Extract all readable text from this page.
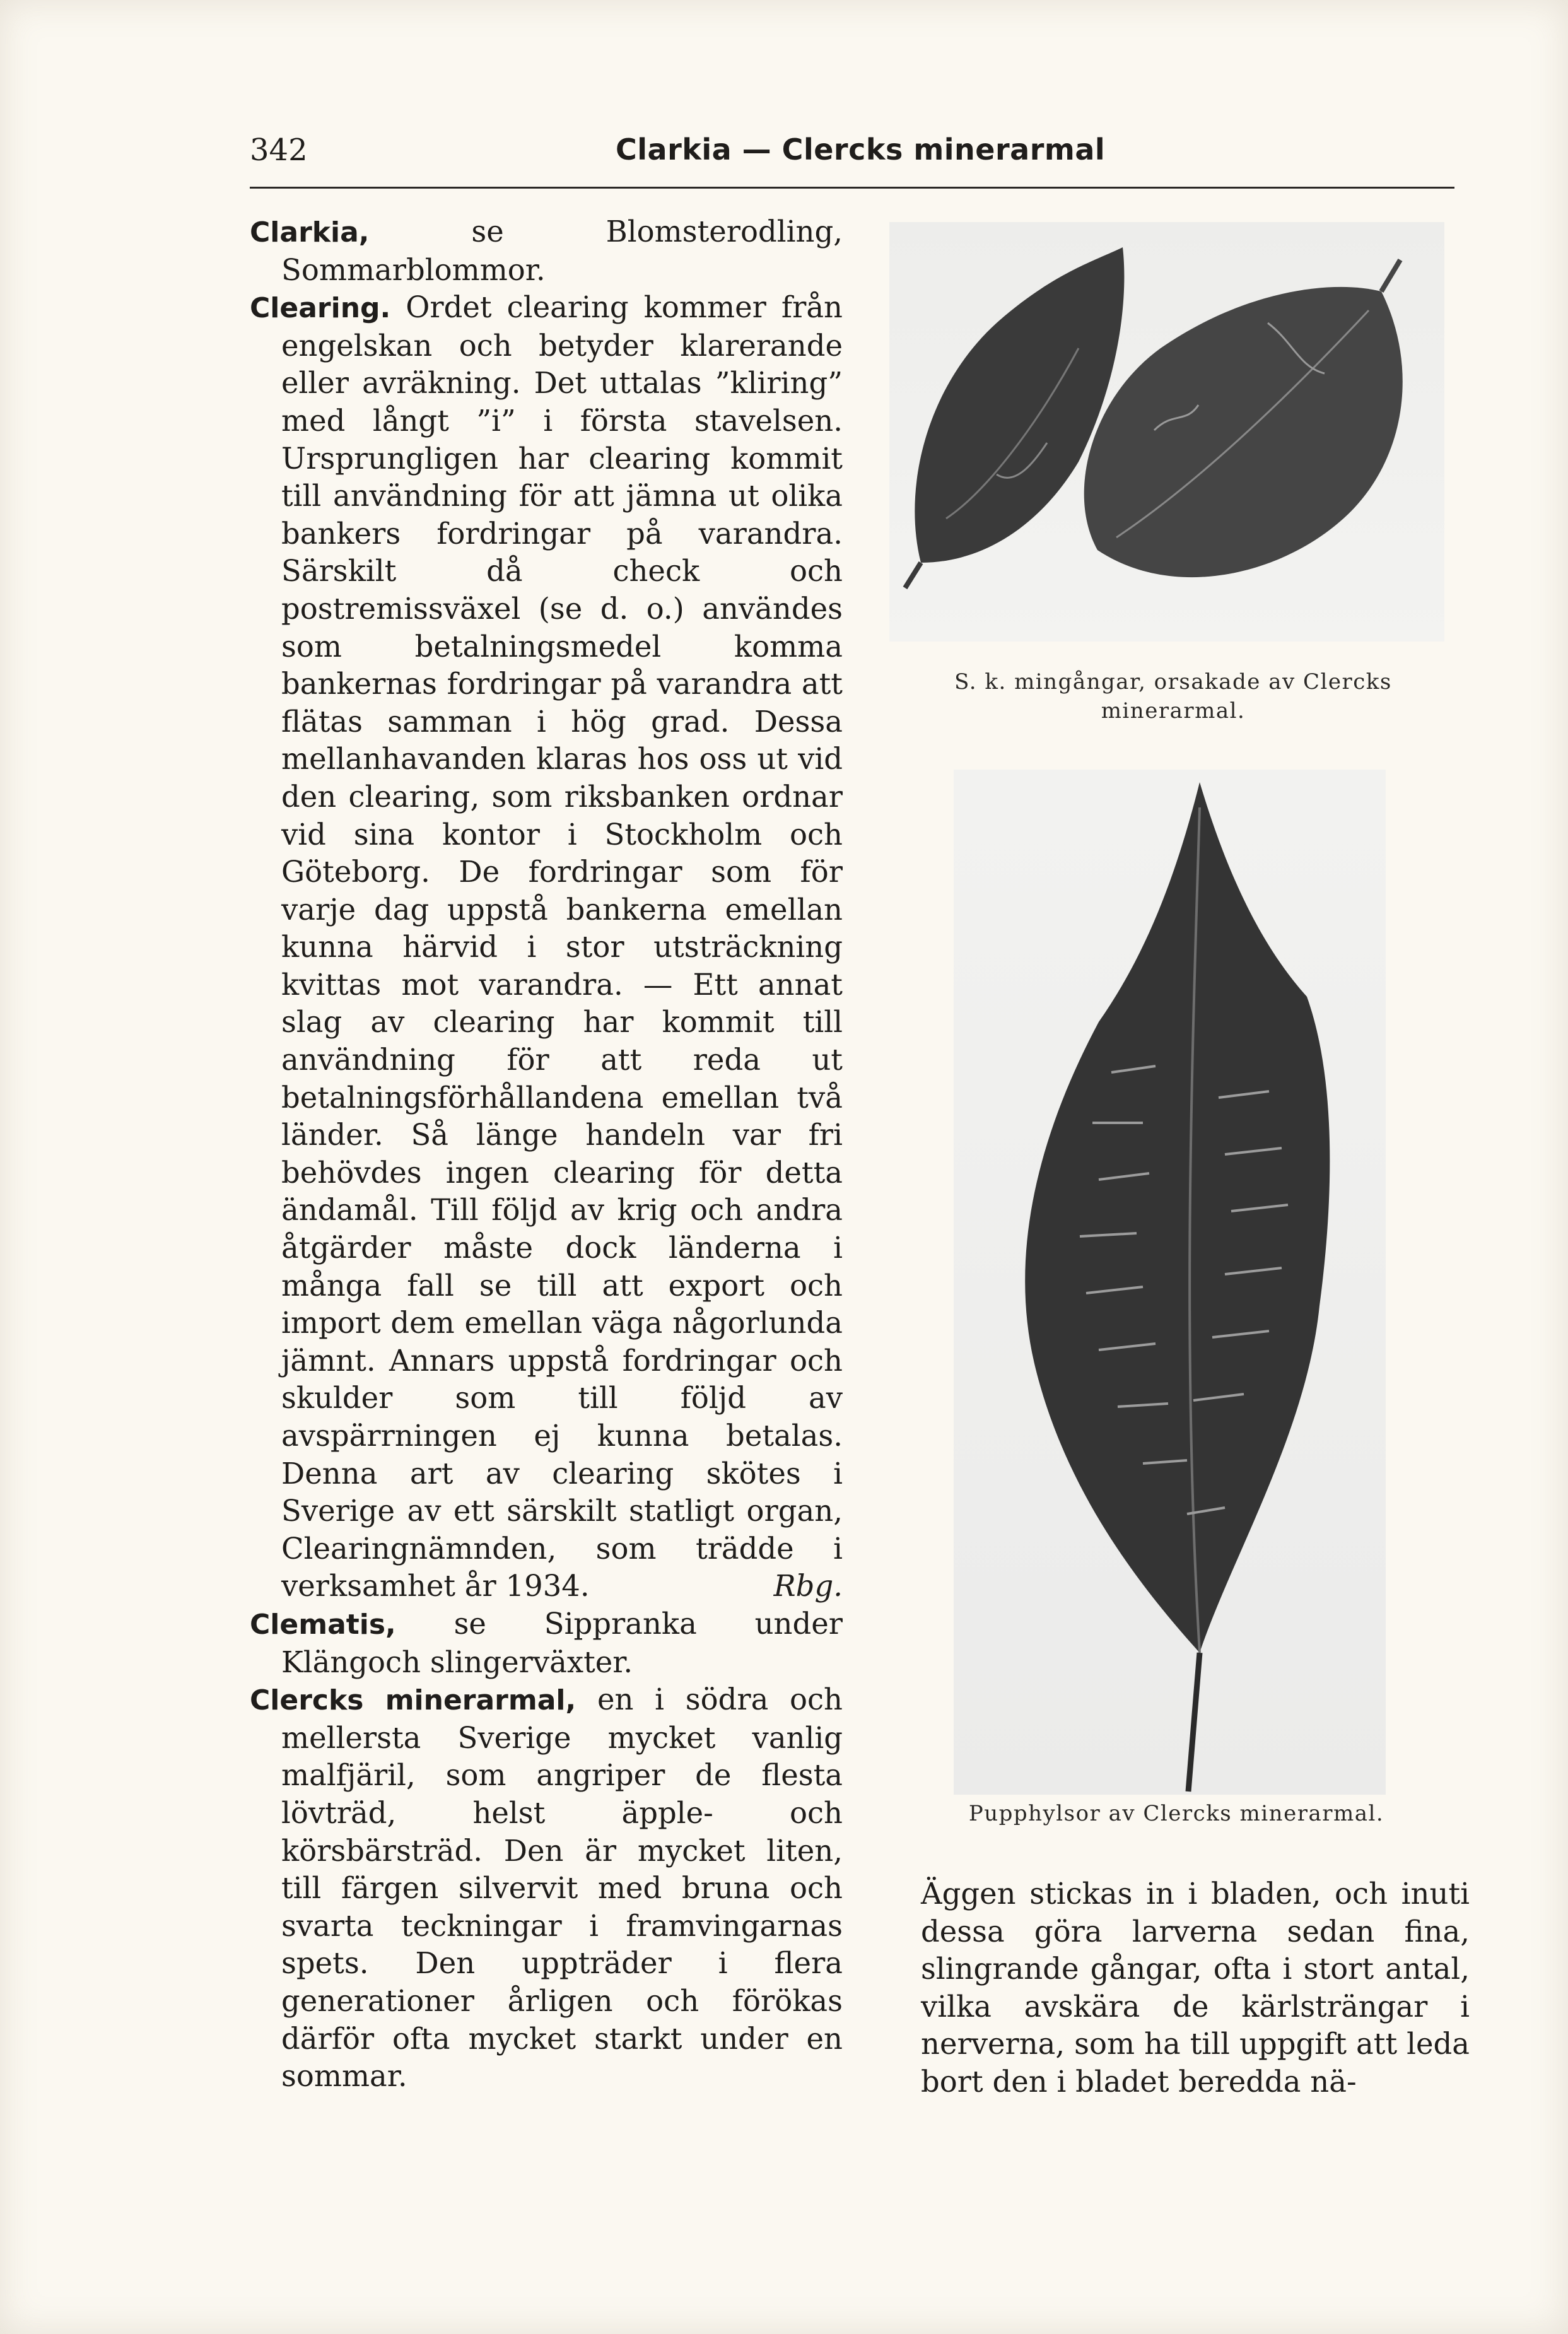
342	Clarkia — Clercks minerarmal

Clarkia, se Blomsterodling, Sommarblommor.

Clearing. Ordet clearing kommer från engelskan och betyder klarerande eller avräkning. Det uttalas ”kliring” med långt ”i” i första stavelsen. Ursprungligen har clearing kommit till användning för att jämna ut olika bankers fordringar på varandra. Särskilt då check och postremissväxel (se d. o.) användes som betalningsmedel komma bankernas fordringar på varandra att flätas samman i hög grad. Dessa mellanhavanden klaras hos oss ut vid den clearing, som riksbanken ordnar vid sina kontor i Stockholm och Göteborg. De fordringar som för varje dag uppstå bankerna emellan kunna härvid i stor utsträckning kvittas mot varandra. — Ett annat slag av clearing har kommit till användning för att reda ut betalningsförhållandena emellan två länder. Så länge handeln var fri behövdes ingen clearing för detta ändamål. Till följd av krig och andra åtgärder måste dock länderna i många fall se till att export och import dem emellan väga någorlunda jämnt. Annars uppstå fordringar och skulder som till följd av avspärrningen ej kunna betalas. Denna art av clearing skötes i Sverige av ett särskilt statligt organ, Clearingnämnden, som trädde i verksamhet år 1934.	Rbg.

Clematis, se Sippranka under Klängoch slingerväxter.

Clercks minerarmal, en i södra och mellersta Sverige mycket vanlig malfjäril, som angriper de flesta lövträd, helst äpple- och körsbärsträd. Den är mycket liten, till färgen silvervit med bruna och svarta teckningar i framvingarnas spets. Den uppträder i flera generationer årligen och förökas därför ofta mycket starkt under en sommar.

S. k. mingångar, orsakade av Clercks minerarmal.
Pupphylsor av Clercks minerarmal.
Äggen stickas in i bladen, och inuti dessa göra larverna sedan fina, slingrande gångar, ofta i stort antal, vilka avskära de kärlsträngar i nerverna, som ha till uppgift att leda bort den i bladet beredda nä-
